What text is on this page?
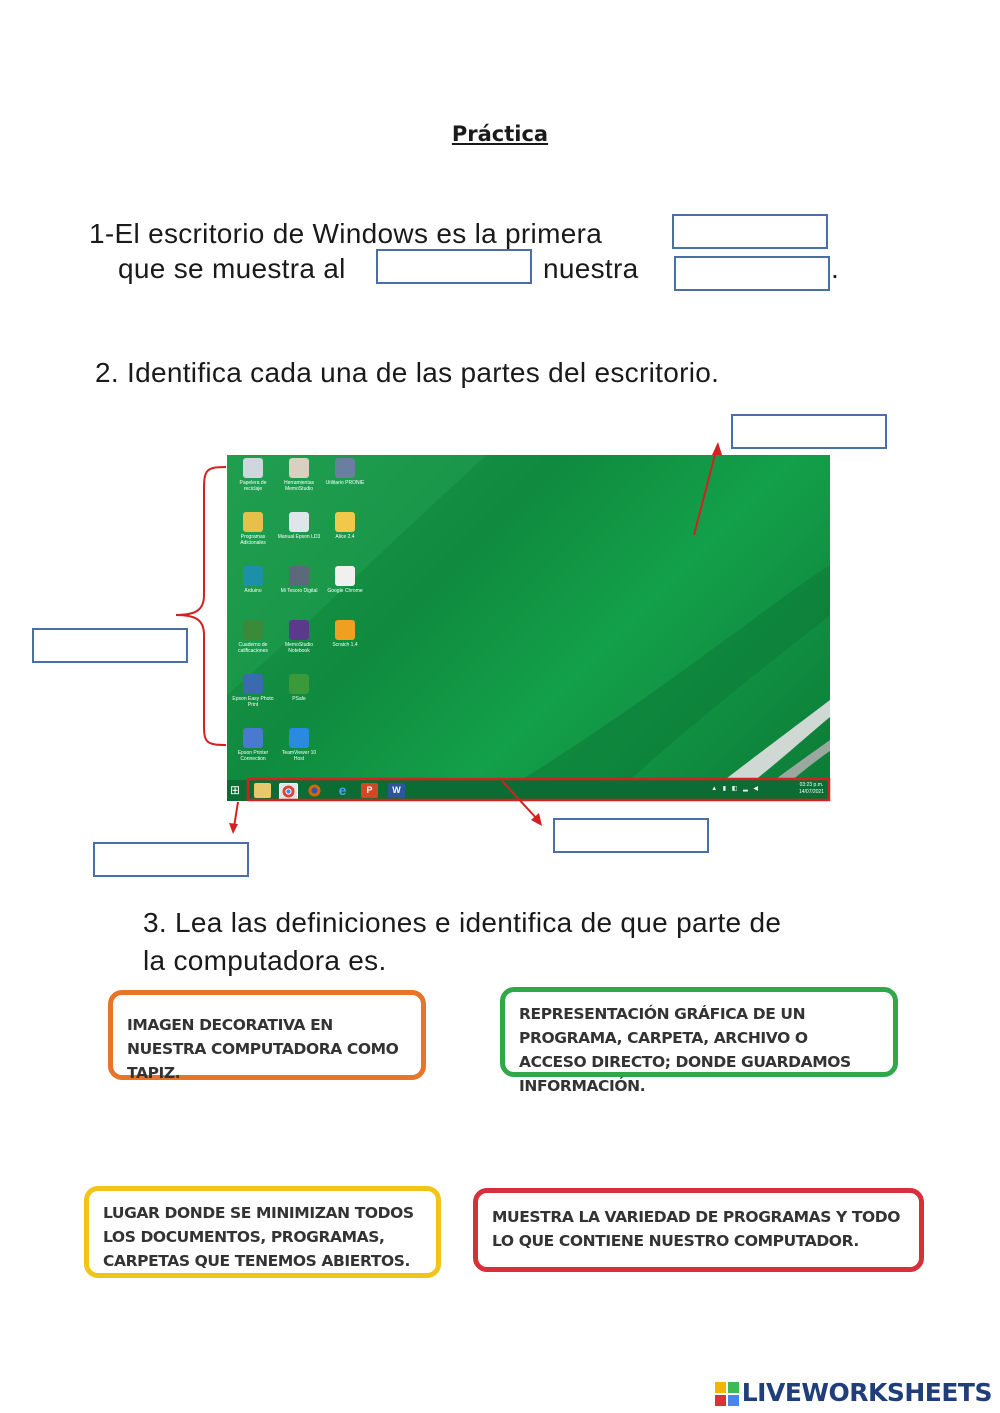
Práctica
1-El escritorio de Windows es la primera
que se muestra al	nuestra	.
2. Identifica cada una de las partes del escritorio.
Papelera de reciclaje
Herramientas MemoStudio
Utilitario PRONIE
Programas Adicionales
Manual Epson LD3	Alice 2.4
Arduino	Mi Tesoro Digital	Google Chrome
Cuaderno de calificaciones
MemoStudio Notebook
Scratch 1.4
Epson Easy Photo Print
PSafe
Epson Printer Connection
TeamViewer 10 Host
⊞	e	P	W	▲ ▮ ◧ ▂ ◀
03:23 p.m.
14/07/2021
3. Lea las definiciones e identifica de que parte de
la computadora es.
IMAGEN DECORATIVA EN NUESTRA COMPUTADORA COMO TAPIZ.
REPRESENTACIÓN GRÁFICA DE UN PROGRAMA, CARPETA, ARCHIVO O ACCESO DIRECTO; DONDE GUARDAMOS INFORMACIÓN.
LUGAR DONDE SE MINIMIZAN TODOS LOS DOCUMENTOS, PROGRAMAS, CARPETAS QUE TENEMOS ABIERTOS.
MUESTRA LA VARIEDAD DE PROGRAMAS Y TODO LO QUE CONTIENE NUESTRO COMPUTADOR.
LIVEWORKSHEETS
